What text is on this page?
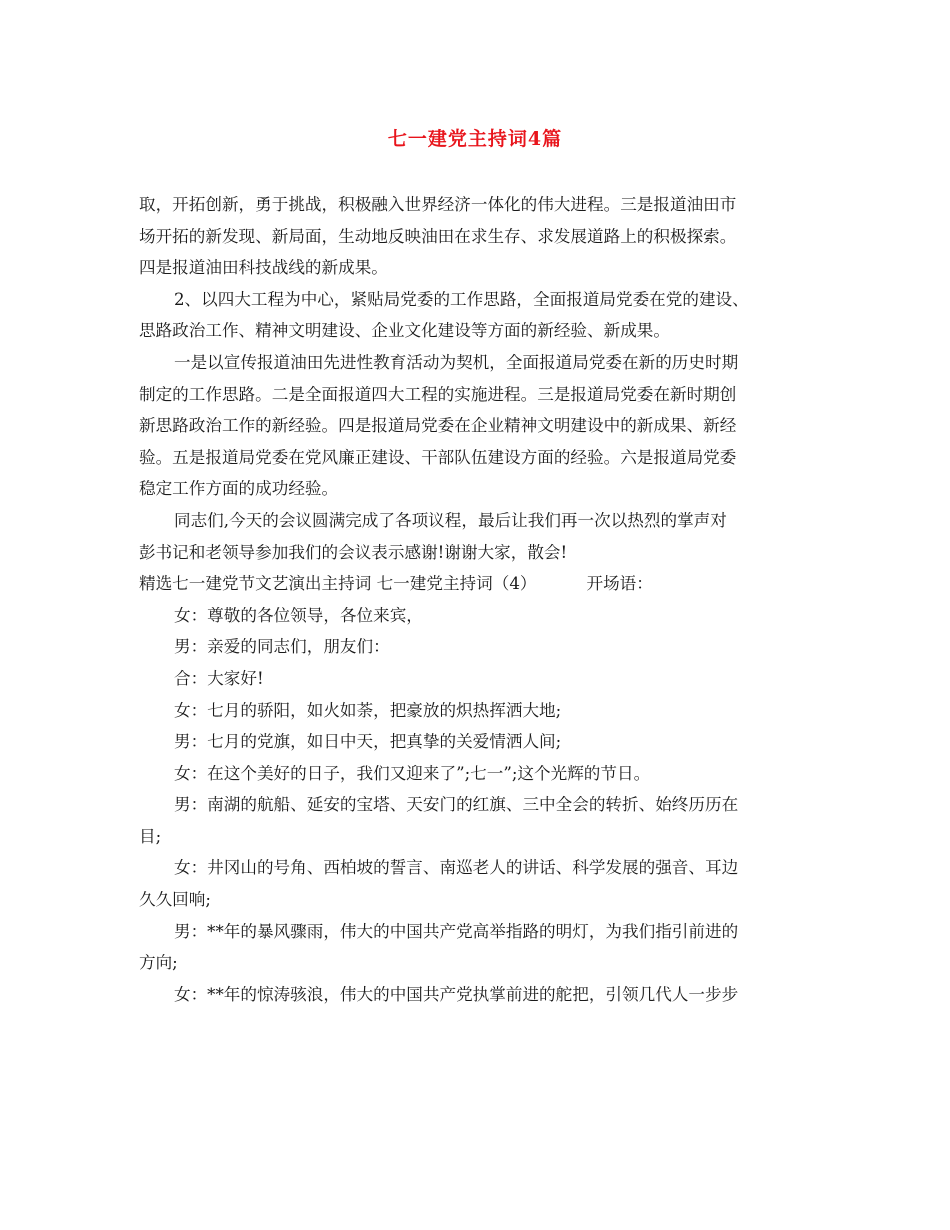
七一建党主持词4篇

取，开拓创新，勇于挑战，积极融入世界经济一体化的伟大进程。三是报道油田市

场开拓的新发现、新局面，生动地反映油田在求生存、求发展道路上的积极探索。

四是报道油田科技战线的新成果。

2、以四大工程为中心，紧贴局党委的工作思路，全面报道局党委在党的建设、

思路政治工作、精神文明建设、企业文化建设等方面的新经验、新成果。

一是以宣传报道油田先进性教育活动为契机，全面报道局党委在新的历史时期

制定的工作思路。二是全面报道四大工程的实施进程。三是报道局党委在新时期创

新思路政治工作的新经验。四是报道局党委在企业精神文明建设中的新成果、新经

验。五是报道局党委在党风廉正建设、干部队伍建设方面的经验。六是报道局党委

稳定工作方面的成功经验。

同志们,今天的会议圆满完成了各项议程，最后让我们再一次以热烈的掌声对

彭书记和老领导参加我们的会议表示感谢!谢谢大家，散会!

精选七一建党节文艺演出主持词 七一建党主持词（4）	开场语：

女：尊敬的各位领导，各位来宾，

男：亲爱的同志们，朋友们：

合：大家好!

女：七月的骄阳，如火如荼，把豪放的炽热挥洒大地;

男：七月的党旗，如日中天，把真挚的关爱情洒人间;

女：在这个美好的日子，我们又迎来了”;七一”;这个光辉的节日。

男：南湖的航船、延安的宝塔、天安门的红旗、三中全会的转折、始终历历在

目;

女：井冈山的号角、西柏坡的誓言、南巡老人的讲话、科学发展的强音、耳边

久久回响;

男：**年的暴风骤雨，伟大的中国共产党高举指路的明灯，为我们指引前进的

方向;

女：**年的惊涛骇浪，伟大的中国共产党执掌前进的舵把，引领几代人一步步
